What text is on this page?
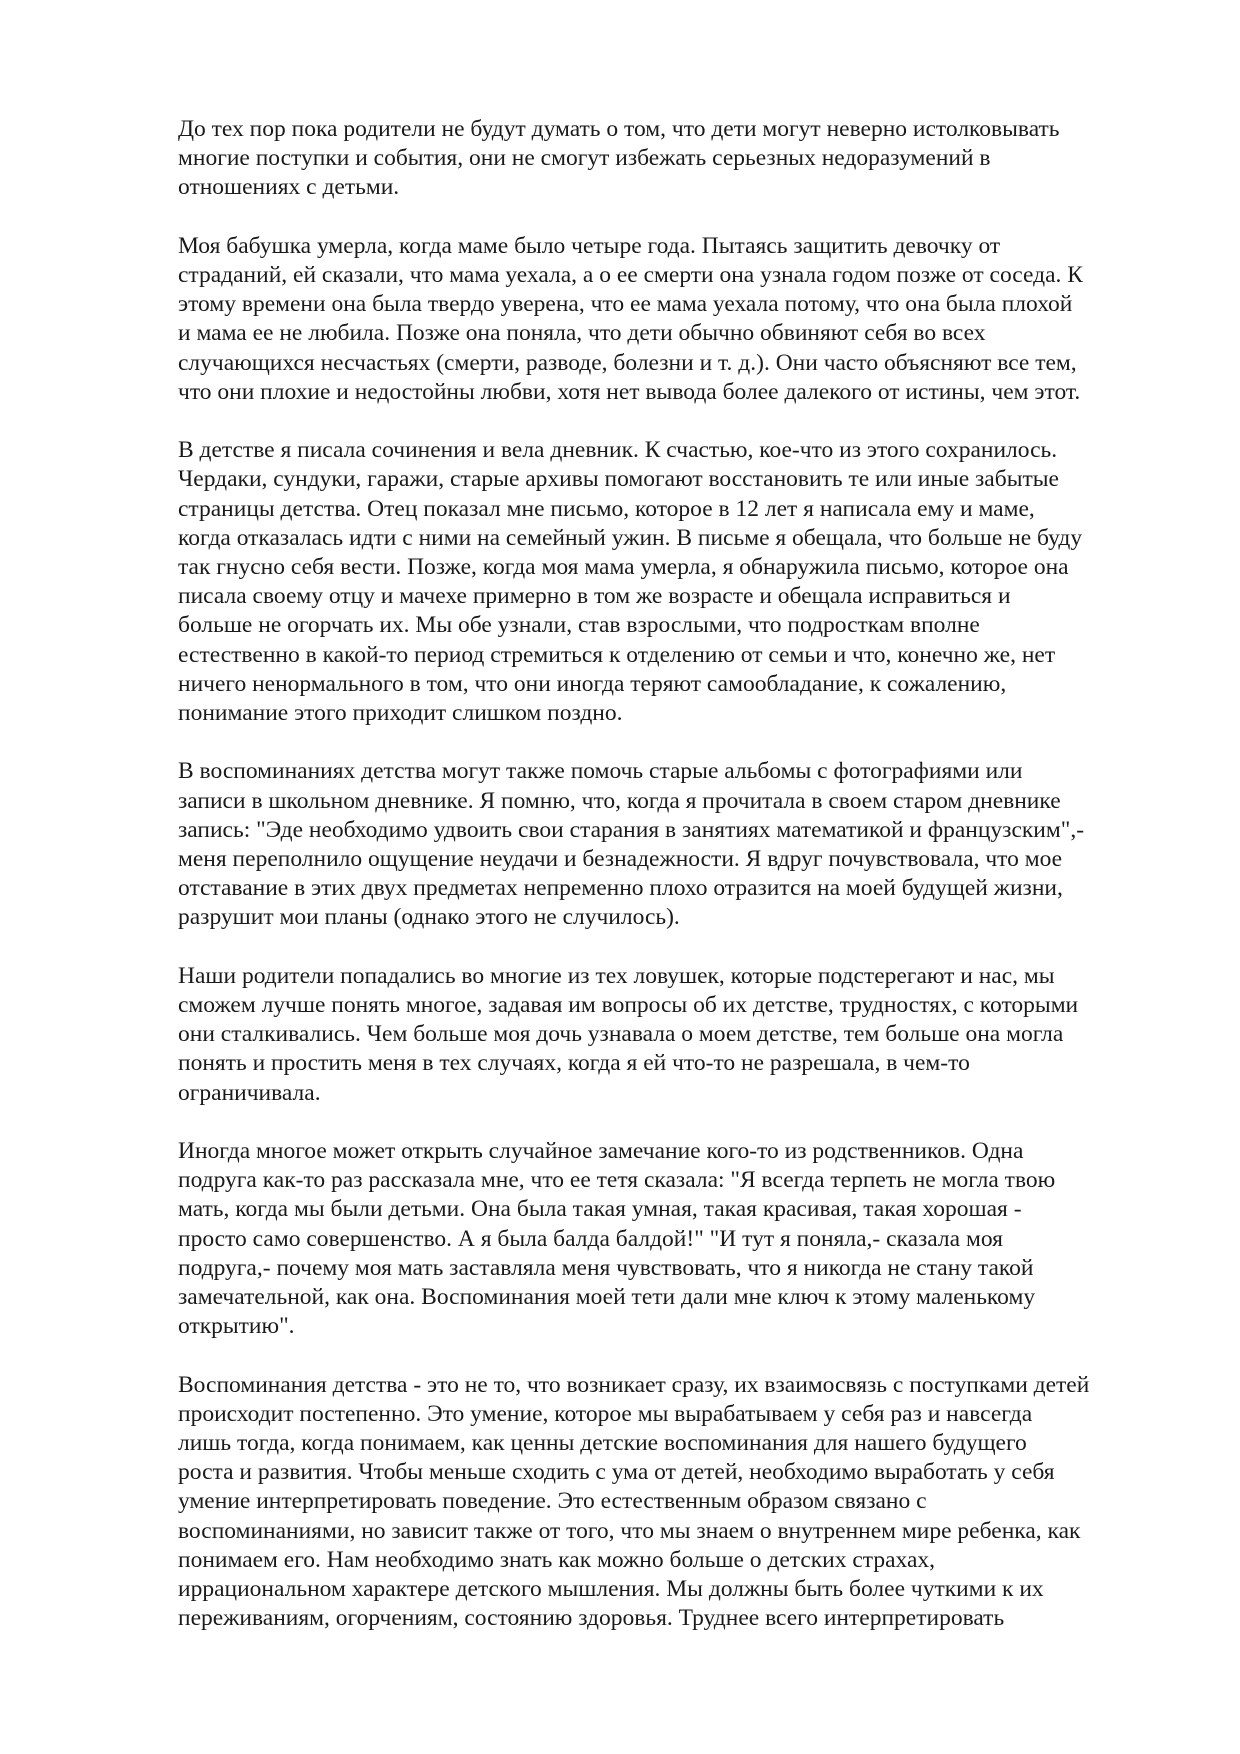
До тех пор пока родители не будут думать о том, что дети могут неверно истолковывать
многие поступки и события, они не смогут избежать серьезных недоразумений в
отношениях с детьми.

Моя бабушка умерла, когда маме было четыре года. Пытаясь защитить девочку от
страданий, ей сказали, что мама уехала, а о ее смерти она узнала годом позже от соседа. К
этому времени она была твердо уверена, что ее мама уехала потому, что она была плохой
и мама ее не любила. Позже она поняла, что дети обычно обвиняют себя во всех
случающихся несчастьях (смерти, разводе, болезни и т. д.). Они часто объясняют все тем,
что они плохие и недостойны любви, хотя нет вывода более далекого от истины, чем этот.

В детстве я писала сочинения и вела дневник. К счастью, кое-что из этого сохранилось.
Чердаки, сундуки, гаражи, старые архивы помогают восстановить те или иные забытые
страницы детства. Отец показал мне письмо, которое в 12 лет я написала ему и маме,
когда отказалась идти с ними на семейный ужин. В письме я обещала, что больше не буду
так гнусно себя вести. Позже, когда моя мама умерла, я обнаружила письмо, которое она
писала своему отцу и мачехе примерно в том же возрасте и обещала исправиться и
больше не огорчать их. Мы обе узнали, став взрослыми, что подросткам вполне
естественно в какой-то период стремиться к отделению от семьи и что, конечно же, нет
ничего ненормального в том, что они иногда теряют самообладание, к сожалению,
понимание этого приходит слишком поздно.

В воспоминаниях детства могут также помочь старые альбомы с фотографиями или
записи в школьном дневнике. Я помню, что, когда я прочитала в своем старом дневнике
запись: "Эде необходимо удвоить свои старания в занятиях математикой и французским",-
меня переполнило ощущение неудачи и безнадежности. Я вдруг почувствовала, что мое
отставание в этих двух предметах непременно плохо отразится на моей будущей жизни,
разрушит мои планы (однако этого не случилось).

Наши родители попадались во многие из тех ловушек, которые подстерегают и нас, мы
сможем лучше понять многое, задавая им вопросы об их детстве, трудностях, с которыми
они сталкивались. Чем больше моя дочь узнавала о моем детстве, тем больше она могла
понять и простить меня в тех случаях, когда я ей что-то не разрешала, в чем-то
ограничивала.

Иногда многое может открыть случайное замечание кого-то из родственников. Одна
подруга как-то раз рассказала мне, что ее тетя сказала: "Я всегда терпеть не могла твою
мать, когда мы были детьми. Она была такая умная, такая красивая, такая хорошая -
просто само совершенство. А я была балда балдой!" "И тут я поняла,- сказала моя
подруга,- почему моя мать заставляла меня чувствовать, что я никогда не стану такой
замечательной, как она. Воспоминания моей тети дали мне ключ к этому маленькому
открытию".

Воспоминания детства - это не то, что возникает сразу, их взаимосвязь с поступками детей
происходит постепенно. Это умение, которое мы вырабатываем у себя раз и навсегда
лишь тогда, когда понимаем, как ценны детские воспоминания для нашего будущего
роста и развития. Чтобы меньше сходить с ума от детей, необходимо выработать у себя
умение интерпретировать поведение. Это естественным образом связано с
воспоминаниями, но зависит также от того, что мы знаем о внутреннем мире ребенка, как
понимаем его. Нам необходимо знать как можно больше о детских страхах,
иррациональном характере детского мышления. Мы должны быть более чуткими к их
переживаниям, огорчениям, состоянию здоровья. Труднее всего интерпретировать
